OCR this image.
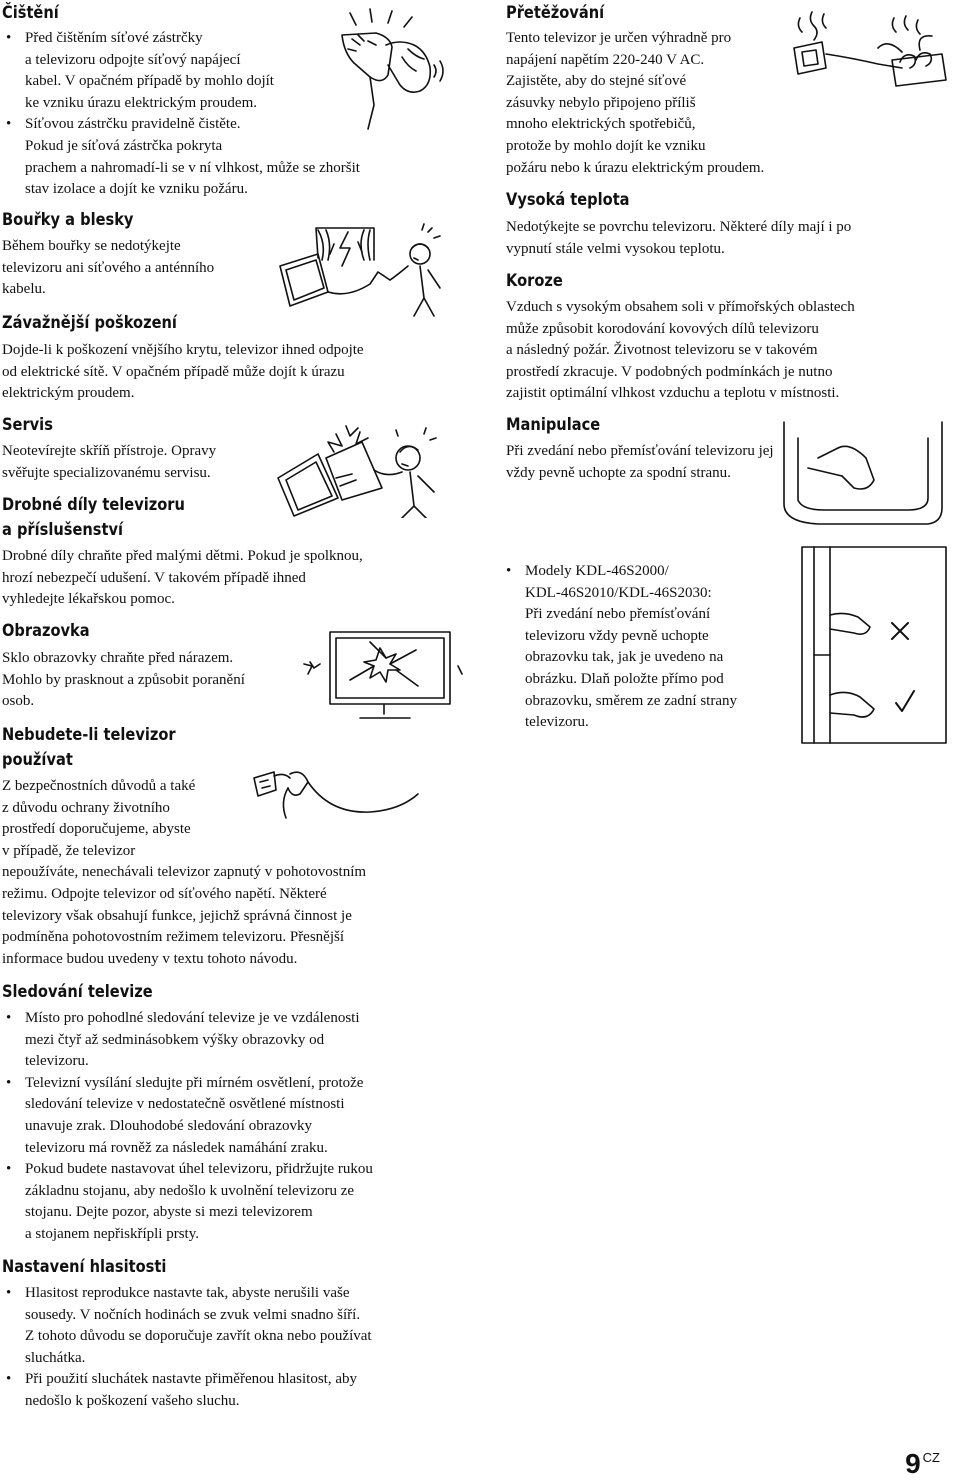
Čištění
• Před čištěním síťové zástrčky
a televizoru odpojte síťový napájecí
kabel. V opačném případě by mohlo dojít
ke vzniku úrazu elektrickým proudem.
• Síťovou zástrčku pravidelně čistěte.
Pokud je síťová zástrčka pokryta
prachem a nahromadí-li se v ní vlhkost, může se zhoršit
stav izolace a dojít ke vzniku požáru.
Bouřky a blesky
Během bouřky se nedotýkejte
televizoru ani síťového a anténního
kabelu.
Závažnější poškození
Dojde-li k poškození vnějšího krytu, televizor ihned odpojte
od elektrické sítě. V opačném případě může dojít k úrazu
elektrickým proudem.
Servis
Neotevírejte skříň přístroje. Opravy
svěřujte specializovanému servisu.
Drobné díly televizoru
a příslušenství
Drobné díly chraňte před malými dětmi. Pokud je spolknou,
hrozí nebezpečí udušení. V takovém případě ihned
vyhledejte lékařskou pomoc.
Obrazovka
Sklo obrazovky chraňte před nárazem.
Mohlo by prasknout a způsobit poranění
osob.
Nebudete-li televizor
používat
Z bezpečnostních důvodů a také
z důvodu ochrany životního
prostředí doporučujeme, abyste
v případě, že televizor
nepoužíváte, nenechávali televizor zapnutý v pohotovostním
režimu. Odpojte televizor od síťového napětí. Některé
televizory však obsahují funkce, jejichž správná činnost je
podmíněna pohotovostním režimem televizoru. Přesnější
informace budou uvedeny v textu tohoto návodu.
Sledování televize
• Místo pro pohodlné sledování televize je ve vzdálenosti
mezi čtyř až sedminásobkem výšky obrazovky od
televizoru.
• Televizní vysílání sledujte při mírném osvětlení, protože
sledování televize v nedostatečně osvětlené místnosti
unavuje zrak. Dlouhodobé sledování obrazovky
televizoru má rovněž za následek namáhání zraku.
• Pokud budete nastavovat úhel televizoru, přidržujte rukou
základnu stojanu, aby nedošlo k uvolnění televizoru ze
stojanu. Dejte pozor, abyste si mezi televizorem
a stojanem nepřiskřípli prsty.
Nastavení hlasitosti
• Hlasitost reprodukce nastavte tak, abyste nerušili vaše
sousedy. V nočních hodinách se zvuk velmi snadno šíří.
Z tohoto důvodu se doporučuje zavřít okna nebo používat
sluchátka.
• Při použití sluchátek nastavte přiměřenou hlasitost, aby
nedošlo k poškození vašeho sluchu.
Přetěžování
Tento televizor je určen výhradně pro
napájení napětím 220-240 V AC.
Zajistěte, aby do stejné síťové
zásuvky nebylo připojeno příliš
mnoho elektrických spotřebičů,
protože by mohlo dojít ke vzniku
požáru nebo k úrazu elektrickým proudem.
Vysoká teplota
Nedotýkejte se povrchu televizoru. Některé díly mají i po
vypnutí stále velmi vysokou teplotu.
Koroze
Vzduch s vysokým obsahem soli v přímořských oblastech
může způsobit korodování kovových dílů televizoru
a následný požár. Životnost televizoru se v takovém
prostředí zkracuje. V podobných podmínkách je nutno
zajistit optimální vlhkost vzduchu a teplotu v místnosti.
Manipulace
Při zvedání nebo přemísťování televizoru jej
vždy pevně uchopte za spodní stranu.
• Modely KDL-46S2000/
KDL-46S2010/KDL-46S2030:
Při zvedání nebo přemísťování
televizoru vždy pevně uchopte
obrazovku tak, jak je uvedeno na
obrázku. Dlaň položte přímo pod
obrazovku, směrem ze zadní strany
televizoru.
9 $^{CZ}$
